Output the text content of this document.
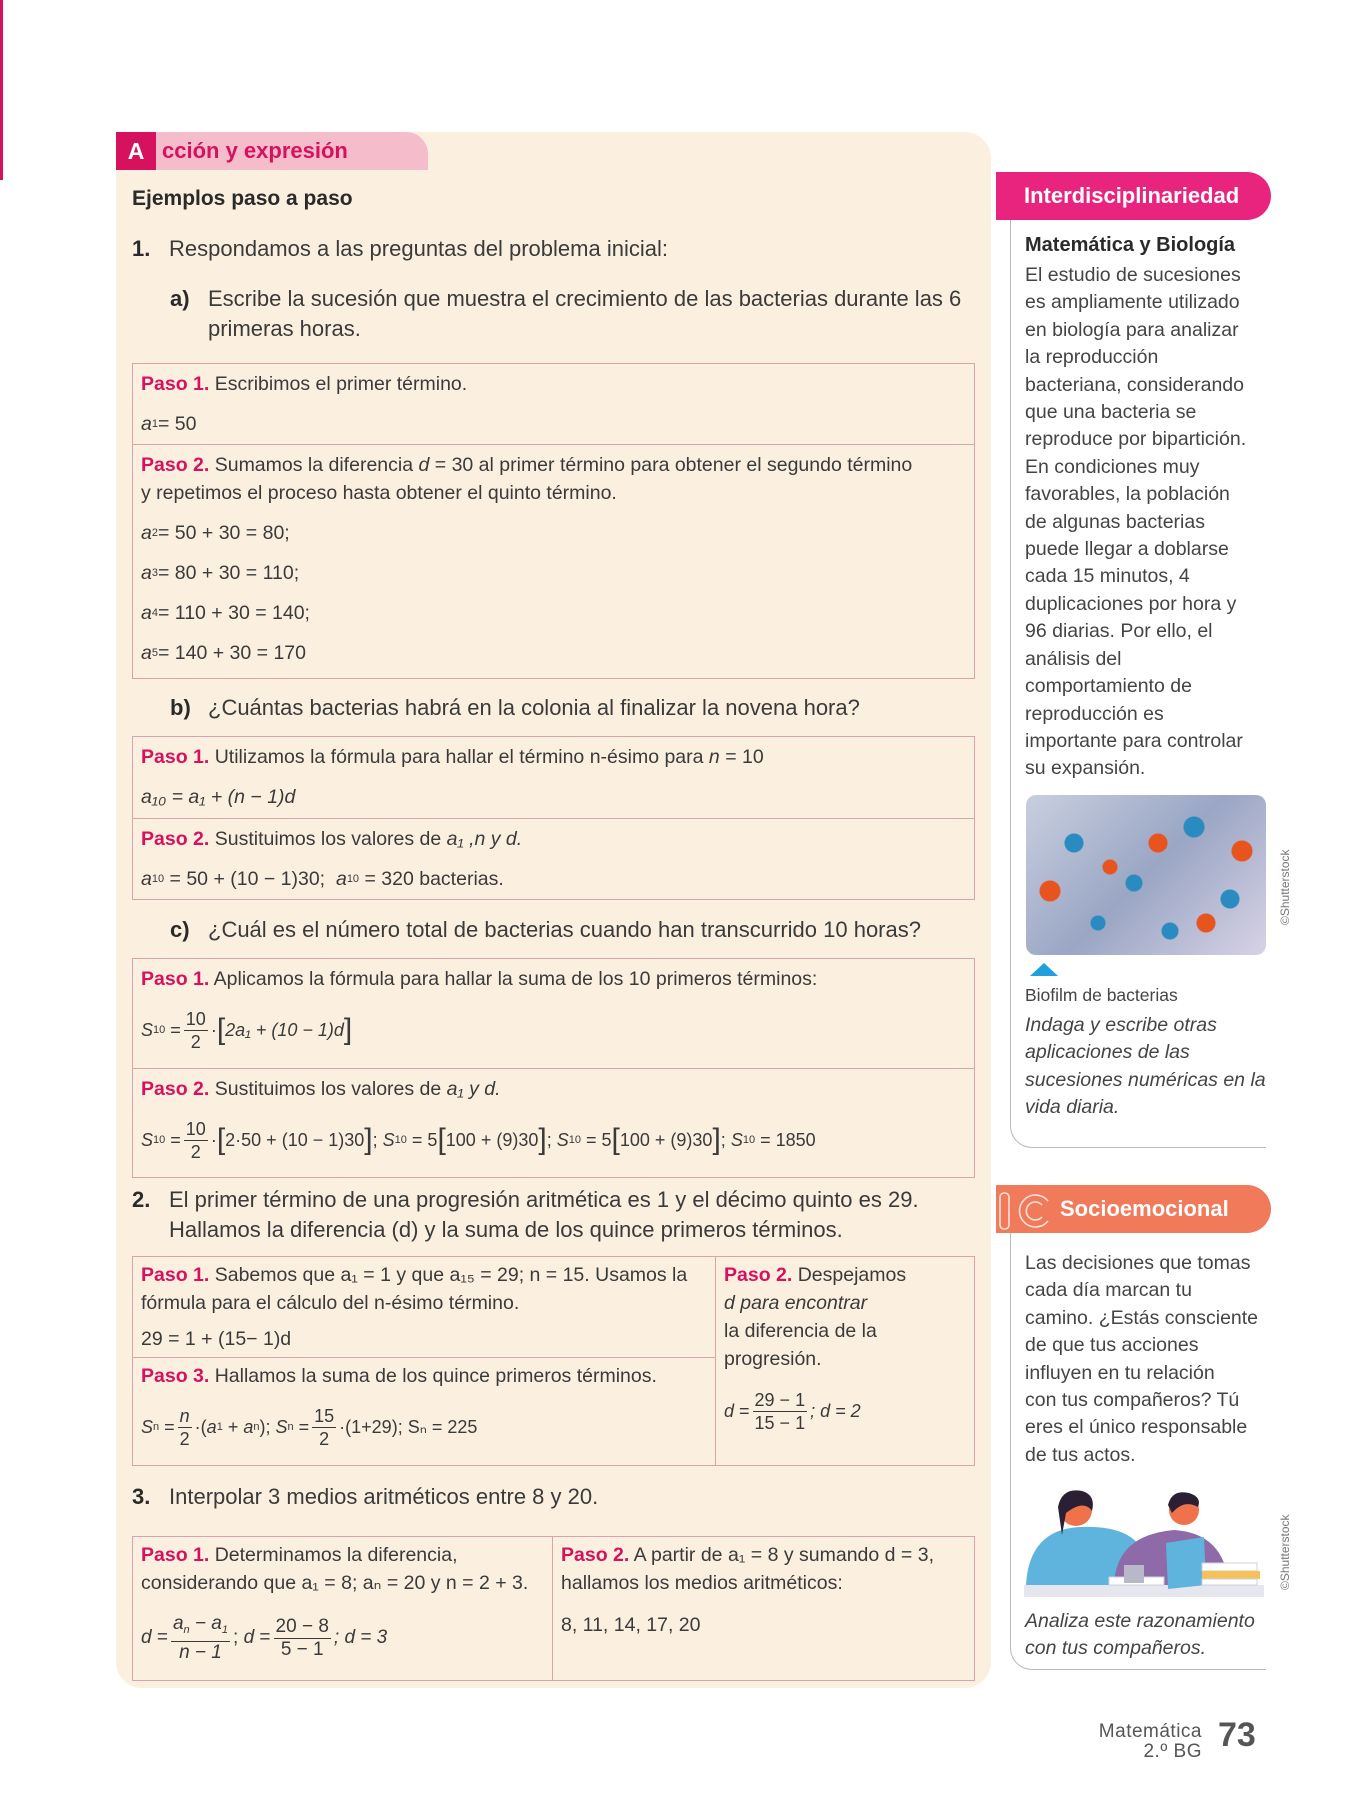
A cción y expresión
Ejemplos paso a paso
1. Respondamos a las preguntas del problema inicial:
a) Escribe la sucesión que muestra el crecimiento de las bacterias durante las 6
primeras horas.
Paso 1. Escribimos el primer término.
a 1 = 50
Paso 2. Sumamos la diferencia d = 30 al primer término para obtener el segundo término
y repetimos el proceso hasta obtener el quinto término.
a 2 = 50 + 30 = 80;
a 3 = 80 + 30 = 110;
a 4 = 110 + 30 = 140;
a 5 = 140 + 30 = 170
b) ¿Cuántas bacterias habrá en la colonia al finalizar la novena hora?
Paso 1. Utilizamos la fórmula para hallar el término n-ésimo para n = 10
a₁₀ = a₁ + (n − 1)d
Paso 2. Sustituimos los valores de a₁ ,n y d.
a 10
= 50 + (10 − 1)30;
a 10
= 320 bacterias.
c) ¿Cuál es el número total de bacterias cuando han transcurrido 10 horas?
Paso 1. Aplicamos la fórmula para hallar la suma de los 10 primeros términos:
S $10 = \frac{10}{2}$ · [ 2a₁ + (10 − 1)d ]
Paso 2. Sustituimos los valores de a₁ y d.
S $10 = \frac{10}{2}$ · [ 2·50 + (10 − 1)30 ] ; S 10
= 5 [ 100 + (9)30 ] ; S 10
= 5 [ 100 + (9)30 ] ; S 10
= 1850
2. El primer término de una progresión aritmética es 1 y el décimo quinto es 29.
Hallamos la diferencia (d) y la suma de los quince primeros términos.
Paso 1. Sabemos que a₁ = 1 y que a₁₅ = 29; n = 15. Usamos la
fórmula para el cálculo del n-ésimo término.
29 = 1 + (15− 1)d
Paso 3. Hallamos la suma de los quince primeros términos.
S $n = \frac{n}{2}$ ·( a 1 + a n ); S $n = \frac{15}{2} \cdot(1+29)$ ; Sₙ = 225
Paso 2. Despejamos
d para encontrar
la diferencia de la
progresión.
$d = \frac{29 - 1}{15 - 1}$ ; d = 2
3. Interpolar 3 medios aritméticos entre 8 y 20.
Paso 1. Determinamos la diferencia,
considerando que a₁ = 8; aₙ = 20 y n = 2 + 3.
$d = \frac{a_n - a_1}{n - 1}$ ; $d = \frac{20 - 8}{5 - 1}$ ; d = 3
Paso 2. A partir de a₁ = 8 y sumando d = 3,
hallamos los medios aritméticos:
8, 11, 14, 17, 20
Interdisciplinariedad
Matemática y Biología
El estudio de sucesiones
es ampliamente utilizado
en biología para analizar
la reproducción
bacteriana, considerando
que una bacteria se
reproduce por bipartición.
En condiciones muy
favorables, la población
de algunas bacterias
puede llegar a doblarse
cada 15 minutos, 4
duplicaciones por hora y
96 diarias. Por ello, el
análisis del
comportamiento de
reproducción es
importante para controlar
su expansión.
©Shutterstock
Biofilm de bacterias
Indaga y escribe otras
aplicaciones de las
sucesiones numéricas en la
vida diaria.
Socioemocional
Las decisiones que tomas
cada día marcan tu
camino. ¿Estás consciente
de que tus acciones
influyen en tu relación
con tus compañeros? Tú
eres el único responsable
de tus actos.
©Shutterstock
Analiza este razonamiento
con tus compañeros.
Matemática
2.º BG 73
